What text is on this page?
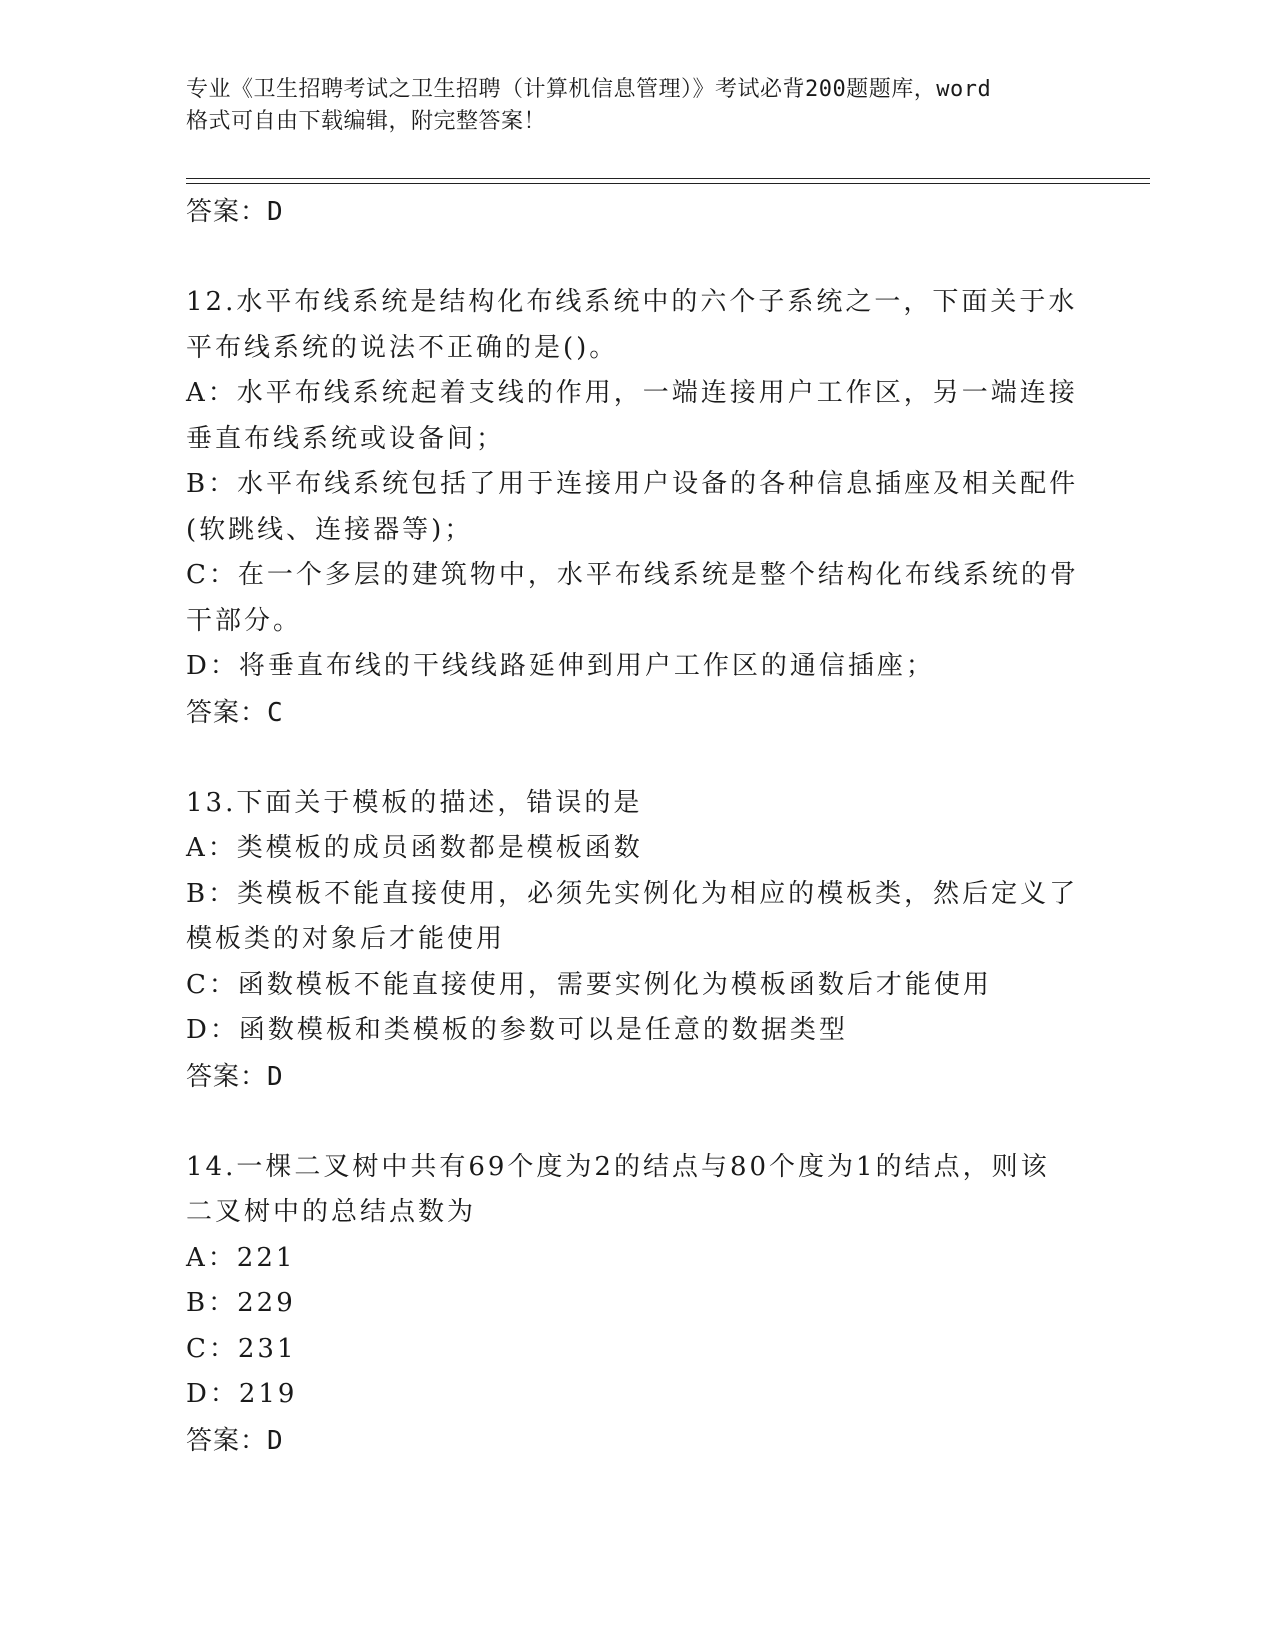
专业《卫生招聘考试之卫生招聘（计算机信息管理）》考试必背200题题库，word
格式可自由下载编辑，附完整答案！
答案：D
12.水平布线系统是结构化布线系统中的六个子系统之一，下面关于水
平布线系统的说法不正确的是()。
A：水平布线系统起着支线的作用，一端连接用户工作区，另一端连接
垂直布线系统或设备间；
B：水平布线系统包括了用于连接用户设备的各种信息插座及相关配件
(软跳线、连接器等)；
C：在一个多层的建筑物中，水平布线系统是整个结构化布线系统的骨
干部分。
D：将垂直布线的干线线路延伸到用户工作区的通信插座；
答案：C
13.下面关于模板的描述，错误的是
A：类模板的成员函数都是模板函数
B：类模板不能直接使用，必须先实例化为相应的模板类，然后定义了
模板类的对象后才能使用
C：函数模板不能直接使用，需要实例化为模板函数后才能使用
D：函数模板和类模板的参数可以是任意的数据类型
答案：D
14.一棵二叉树中共有69个度为2的结点与80个度为1的结点，则该
二叉树中的总结点数为
A：221
B：229
C：231
D：219
答案：D
